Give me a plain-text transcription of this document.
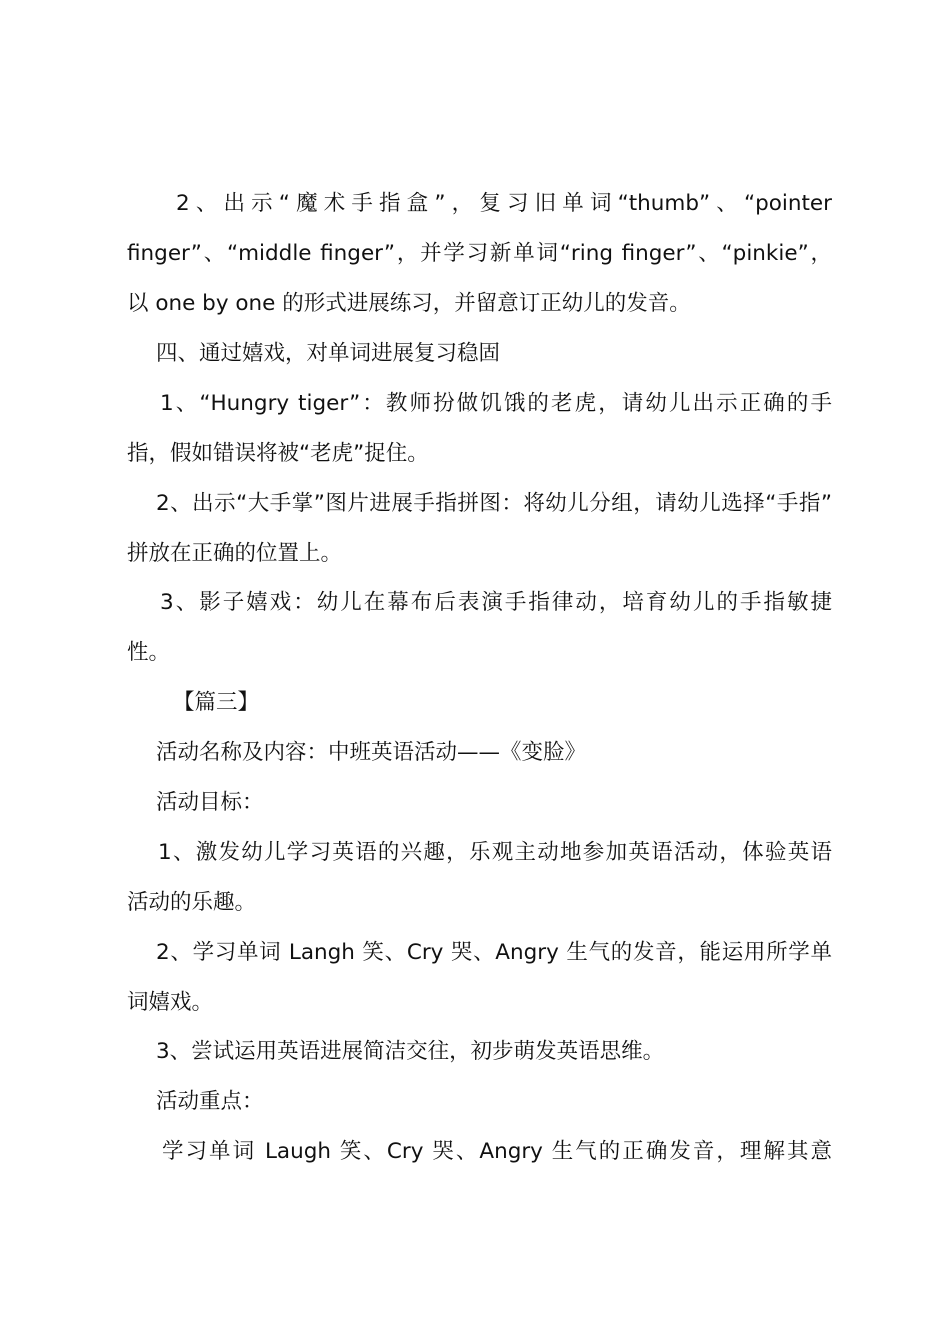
2、出示“魔术手指盒”，复习旧单词“thumb”、“pointer
finger”、“middle finger”，并学习新单词“ring finger”、“pinkie”，
以 one by one 的形式进展练习，并留意订正幼儿的发音。
四、通过嬉戏，对单词进展复习稳固
1、“Hungry tiger”：教师扮做饥饿的老虎，请幼儿出示正确的手
指，假如错误将被“老虎”捉住。
2、出示“大手掌”图片进展手指拼图：将幼儿分组，请幼儿选择“手指”
拼放在正确的位置上。
3、影子嬉戏：幼儿在幕布后表演手指律动，培育幼儿的手指敏捷
性。
【篇三】
活动名称及内容：中班英语活动——《变脸》
活动目标：
1、激发幼儿学习英语的兴趣，乐观主动地参加英语活动，体验英语
活动的乐趣。
2、学习单词 Langh 笑、Cry 哭、Angry 生气的发音，能运用所学单
词嬉戏。
3、尝试运用英语进展简洁交往，初步萌发英语思维。
活动重点：
学习单词 Laugh 笑、Cry 哭、Angry 生气的正确发音，理解其意
